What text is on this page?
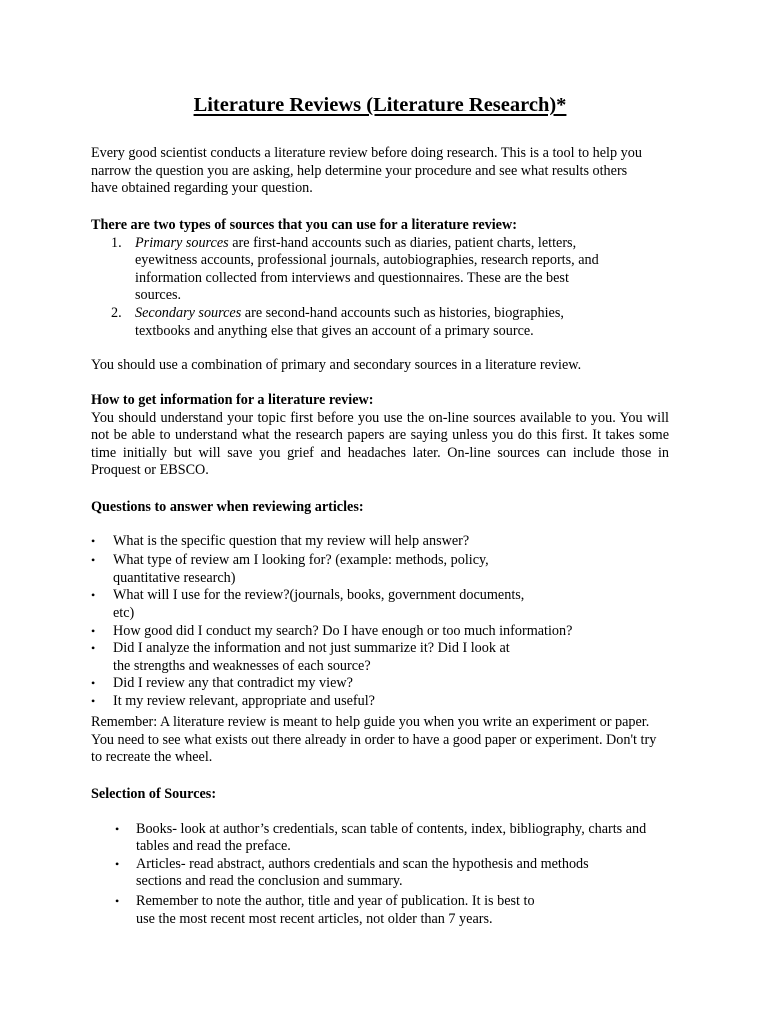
Literature Reviews (Literature Research)*

Every good scientist conducts a literature review before doing research. This is a tool to help you narrow the question you are asking, help determine your procedure and see what results others have obtained regarding your question.

There are two types of sources that you can use for a literature review:

1. Primary sources are first-hand accounts such as diaries, patient charts, letters, eyewitness accounts, professional journals, autobiographies, research reports, and information collected from interviews and questionnaires. These are the best sources.
2. Secondary sources are second-hand accounts such as histories, biographies, textbooks and anything else that gives an account of a primary source.

You should use a combination of primary and secondary sources in a literature review.

How to get information for a literature review:

You should understand your topic first before you use the on-line sources available to you. You will not be able to understand what the research papers are saying unless you do this first. It takes some time initially but will save you grief and headaches later. On-line sources can include those in Proquest or EBSCO.

Questions to answer when reviewing articles:

• What is the specific question that my review will help answer?
• What type of review am I looking for? (example: methods, policy, quantitative research)
• What will I use for the review?(journals, books, government documents, etc)
• How good did I conduct my search? Do I have enough or too much information?
• Did I analyze the information and not just summarize it? Did I look at the strengths and weaknesses of each source?
• Did I review any that contradict my view?
• It my review relevant, appropriate and useful?

Remember: A literature review is meant to help guide you when you write an experiment or paper. You need to see what exists out there already in order to have a good paper or experiment. Don't try to recreate the wheel.

Selection of Sources:

• Books- look at author’s credentials, scan table of contents, index, bibliography, charts and tables and read the preface.
• Articles- read abstract, authors credentials and scan the hypothesis and methods sections and read the conclusion and summary.
• Remember to note the author, title and year of publication. It is best to use the most recent most recent articles, not older than 7 years.
